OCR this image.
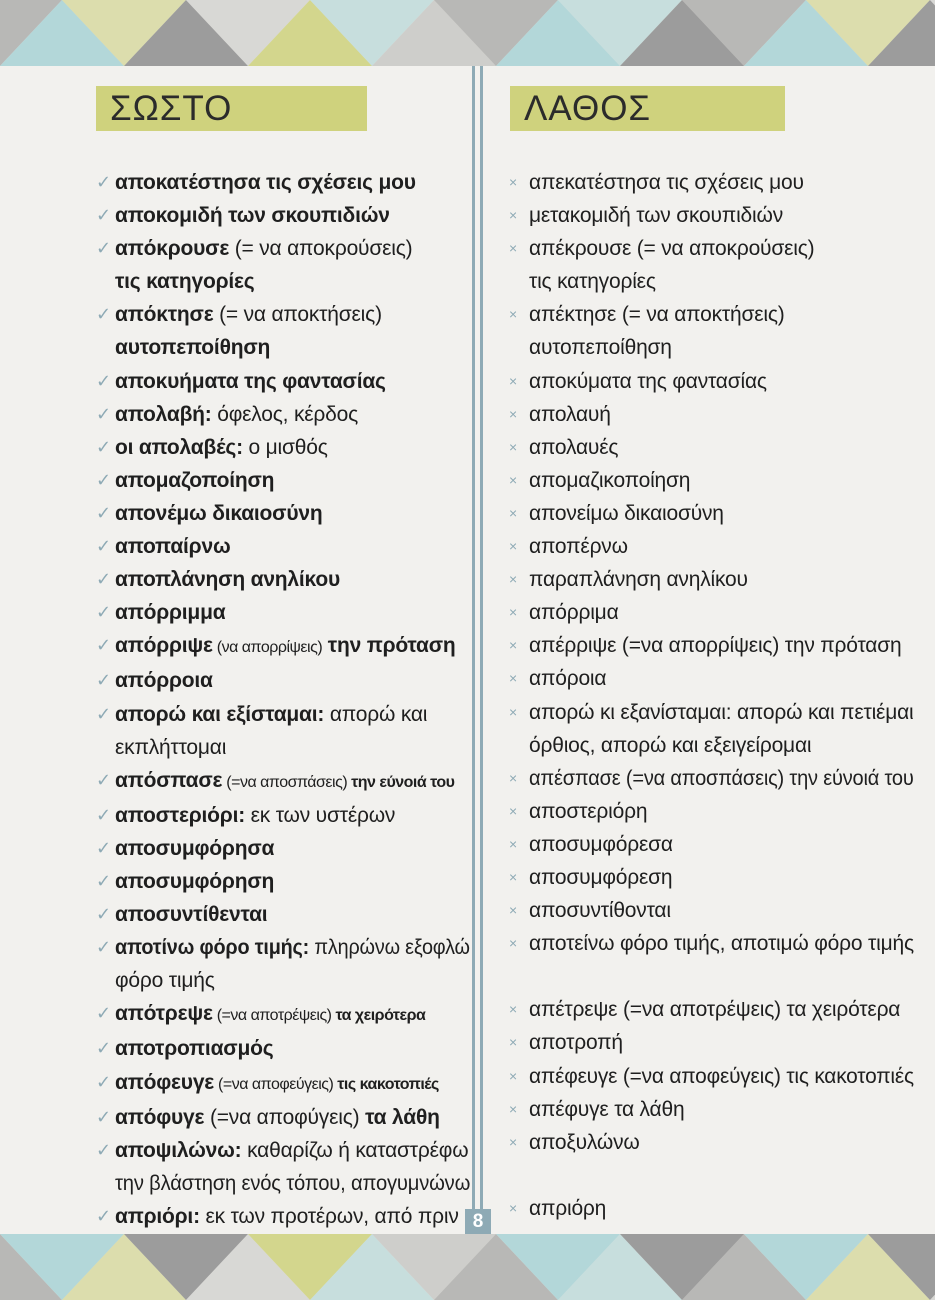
ΣΩΣΤΟ
✓ αποκατέστησα τις σχέσεις μου
✓ αποκομιδή των σκουπιδιών
✓ απόκρουσε (= να αποκρούσεις)
τις κατηγορίες
✓ απόκτησε (= να αποκτήσεις)
αυτοπεποίθηση
✓ αποκυήματα της φαντασίας
✓ απολαβή: όφελος, κέρδος
✓ οι απολαβές: ο μισθός
✓ απομαζοποίηση
✓ απονέμω δικαιοσύνη
✓ αποπαίρνω
✓ αποπλάνηση ανηλίκου
✓ απόρριμμα
✓ απόρριψε (να απορρίψεις) την πρόταση
✓ απόρροια
✓ απορώ και εξίσταμαι: απορώ και
εκπλήττομαι
✓ απόσπασε (=να αποσπάσεις) την εύνοιά του
✓ αποστεριόρι: εκ των υστέρων
✓ αποσυμφόρησα
✓ αποσυμφόρηση
✓ αποσυντίθενται
✓ αποτίνω φόρο τιμής: πληρώνω εξοφλώ
φόρο τιμής
✓ απότρεψε (=να αποτρέψεις) τα χειρότερα
✓ αποτροπιασμός
✓ απόφευγε (=να αποφεύγεις) τις κακοτοπιές
✓ απόφυγε (=να αποφύγεις) τα λάθη
✓ αποψιλώνω: καθαρίζω ή καταστρέφω
την βλάστηση ενός τόπου, απογυμνώνω
✓ απριόρι: εκ των προτέρων, από πριν
ΛΑΘΟΣ
× απεκατέστησα τις σχέσεις μου
× μετακομιδή των σκουπιδιών
× απέκρουσε (= να αποκρούσεις)
τις κατηγορίες
× απέκτησε (= να αποκτήσεις)
αυτοπεποίθηση
× αποκύματα της φαντασίας
× απολαυή
× απολαυές
× απομαζικοποίηση
× απονείμω δικαιοσύνη
× αποπέρνω
× παραπλάνηση ανηλίκου
× απόρριμα
× απέρριψε (=να απορρίψεις) την πρόταση
× απόροια
× απορώ κι εξανίσταμαι: απορώ και πετιέμαι
όρθιος, απορώ και εξειγείρομαι
× απέσπασε (=να αποσπάσεις) την εύνοιά του
× αποστεριόρη
× αποσυμφόρεσα
× αποσυμφόρεση
× αποσυντίθονται
× αποτείνω φόρο τιμής, αποτιμώ φόρο τιμής
× απέτρεψε (=να αποτρέψεις) τα χειρότερα
× αποτροπή
× απέφευγε (=να αποφεύγεις) τις κακοτοπιές
× απέφυγε τα λάθη
× αποξυλώνω
× απριόρη
8
